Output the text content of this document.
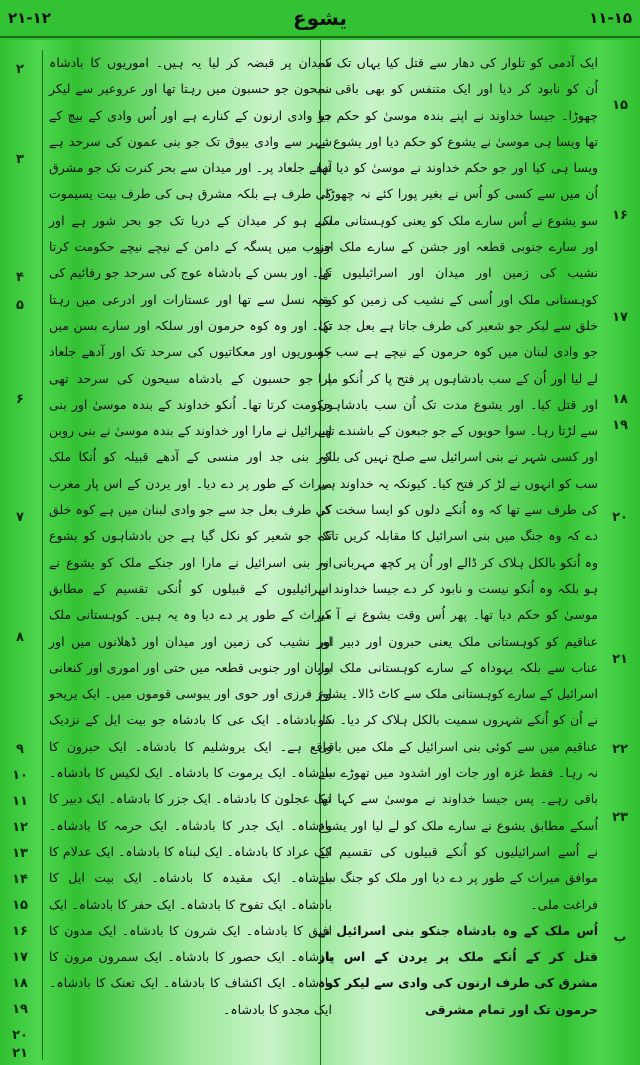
۲۱-۱۲	یشوع	۱۱-۱۵
۱۵
۱۶
۱۷
۱۸
۱۹
۲۰
۲۱
۲۲
۲۳
ب
۲
۳
۴
۵
۶
۷
۸
۹
۱۰
۱۱
۱۲
۱۳
۱۴
۱۵
۱۶
۱۷
۱۸
۱۹
۲۰
۲۱

ایک آدمی کو تلوار کی دھار سے قتل کیا یہاں تک کہ اُن کو نابود کر دیا اور ایک متنفس کو بھی باقی نہ چھوڑا۔ جیسا خداوند نے اپنے بندہ موسیٰ کو حکم دیا تھا ویسا ہی موسیٰ نے یشوع کو حکم دیا اور یشوع نے ویسا ہی کیا اور جو حکم خداوند نے موسیٰ کو دیا تھا اُن میں سے کسی کو اُس نے بغیر پورا کئے نہ چھوڑا۔ سو یشوع نے اُس سارے ملک کو یعنی کوہستانی ملک اور سارے جنوبی قطعہ اور جشن کے سارے ملک اور نشیب کی زمین اور میدان اور اسرائیلیوں کے کوہستانی ملک اور اُسی کے نشیب کی زمین کو کوہ خلق سے لیکر جو شعیر کی طرف جاتا ہے بعل جد تک جو وادی لبنان میں کوہ حرمون کے نیچے ہے سب کو لے لیا اور اُن کے سب بادشاہوں پر فتح پا کر اُنکو مارا اور قتل کیا۔ اور یشوع مدت تک اُن سب بادشاہوں سے لڑتا رہا۔ سوا حویوں کے جو جبعون کے باشندے تھے اور کسی شہر نے بنی اسرائیل سے صلح نہیں کی بلکہ سب کو انہوں نے لڑ کر فتح کیا۔ کیونکہ یہ خداوند ہی کی طرف سے تھا کہ وہ اُنکے دلوں کو ایسا سخت کر دے کہ وہ جنگ میں بنی اسرائیل کا مقابلہ کریں تاکہ وہ اُنکو بالکل ہلاک کر ڈالے اور اُن پر کچھ مہربانی نہ ہو بلکہ وہ اُنکو نیست و نابود کر دے جیسا خداوند نے موسیٰ کو حکم دیا تھا۔ پھر اُس وقت یشوع نے آ کر عناقیم کو کوہستانی ملک یعنی حبرون اور دبیر اور عناب سے بلکہ یہوداہ کے سارے کوہستانی ملک اور اسرائیل کے سارے کوہستانی ملک سے کاٹ ڈالا۔ یشوع نے اُن کو اُنکے شہروں سمیت بالکل ہلاک کر دیا۔ سو عناقیم میں سے کوئی بنی اسرائیل کے ملک میں باقی نہ رہا۔ فقط غزہ اور جات اور اشدود میں تھوڑے سے باقی رہے۔ پس جیسا خداوند نے موسیٰ سے کہا تھا اُسکے مطابق یشوع نے سارے ملک کو لے لیا اور یشوع نے اُسے اسرائیلیوں کو اُنکے قبیلوں کی تقسیم کے موافق میراث کے طور پر دے دیا اور ملک کو جنگ سے فراغت ملی۔

اُس ملک کے وہ بادشاہ جنکو بنی اسرائیل نے قتل کر کے اُنکے ملک پر یردن کے اس پار مشرق کی طرف ارنون کی وادی سے لیکر کوہ حرمون تک اور تمام مشرقی

سیدان پر قبضہ کر لیا یہ ہیں۔ اموریوں کا بادشاہ سیحون جو حسبون میں رہتا تھا اور عروعیر سے لیکر جو وادی ارنون کے کنارے ہے اور اُس وادی کے بیچ کے شہر سے وادی یبوق تک جو بنی عمون کی سرحد ہے آدھے جلعاد پر۔ اور میدان سے بحر کنرت تک جو مشرق کی طرف ہے بلکہ مشرق ہی کی طرف بیت یسیموت سے ہو کر میدان کے دریا تک جو بحر شور ہے اور جنوب میں پسگہ کے دامن کے نیچے نیچے حکومت کرتا تھا۔ اور بسن کے بادشاہ عوج کی سرحد جو رفائیم کی بقیہ نسل سے تھا اور عستارات اور ادرعی میں رہتا تھا۔ اور وہ کوہ حرمون اور سلکہ اور سارے بسن میں جسوریوں اور معکاتیوں کی سرحد تک اور آدھے جلعاد پر جو حسبون کے بادشاہ سیحون کی سرحد تھی حکومت کرتا تھا۔ اُنکو خداوند کے بندہ موسیٰ اور بنی اسرائیل نے مارا اور خداوند کے بندہ موسیٰ نے بنی روبن اور بنی جد اور منسی کے آدھے قبیلہ کو اُنکا ملک میراث کے طور پر دے دیا۔ اور یردن کے اس پار مغرب کی طرف بعل جد سے جو وادی لبنان میں ہے کوہ خلق تک جو شعیر کو نکل گیا ہے جن بادشاہوں کو یشوع اور بنی اسرائیل نے مارا اور جنکے ملک کو یشوع نے اسرائیلیوں کے قبیلوں کو اُنکی تقسیم کے مطابق میراث کے طور پر دے دیا وہ یہ ہیں۔ کوہستانی ملک اور نشیب کی زمین اور میدان اور ڈھلانوں میں اور بیابان اور جنوبی قطعہ میں حتی اور اموری اور کنعانی اور فرزی اور حوی اور یبوسی قوموں میں۔ ایک یریحو کا بادشاہ۔ ایک عی کا بادشاہ جو بیت ایل کے نزدیک واقع ہے۔ ایک یروشلیم کا بادشاہ۔ ایک حبرون کا بادشاہ۔ ایک یرموت کا بادشاہ۔ ایک لکیس کا بادشاہ۔ ایک عجلون کا بادشاہ۔ ایک جزر کا بادشاہ۔ ایک دبیر کا بادشاہ۔ ایک جدر کا بادشاہ۔ ایک حرمہ کا بادشاہ۔ ایک عراد کا بادشاہ۔ ایک لبناہ کا بادشاہ۔ ایک عدلام کا بادشاہ۔ ایک مقیدہ کا بادشاہ۔ ایک بیت ایل کا بادشاہ۔ ایک تفوح کا بادشاہ۔ ایک حفر کا بادشاہ۔ ایک افیق کا بادشاہ۔ ایک شرون کا بادشاہ۔ ایک مدون کا بادشاہ۔ ایک حصور کا بادشاہ۔ ایک سمرون مرون کا بادشاہ۔ ایک اکشاف کا بادشاہ۔ ایک تعنک کا بادشاہ۔ ایک مجدو کا بادشاہ۔
